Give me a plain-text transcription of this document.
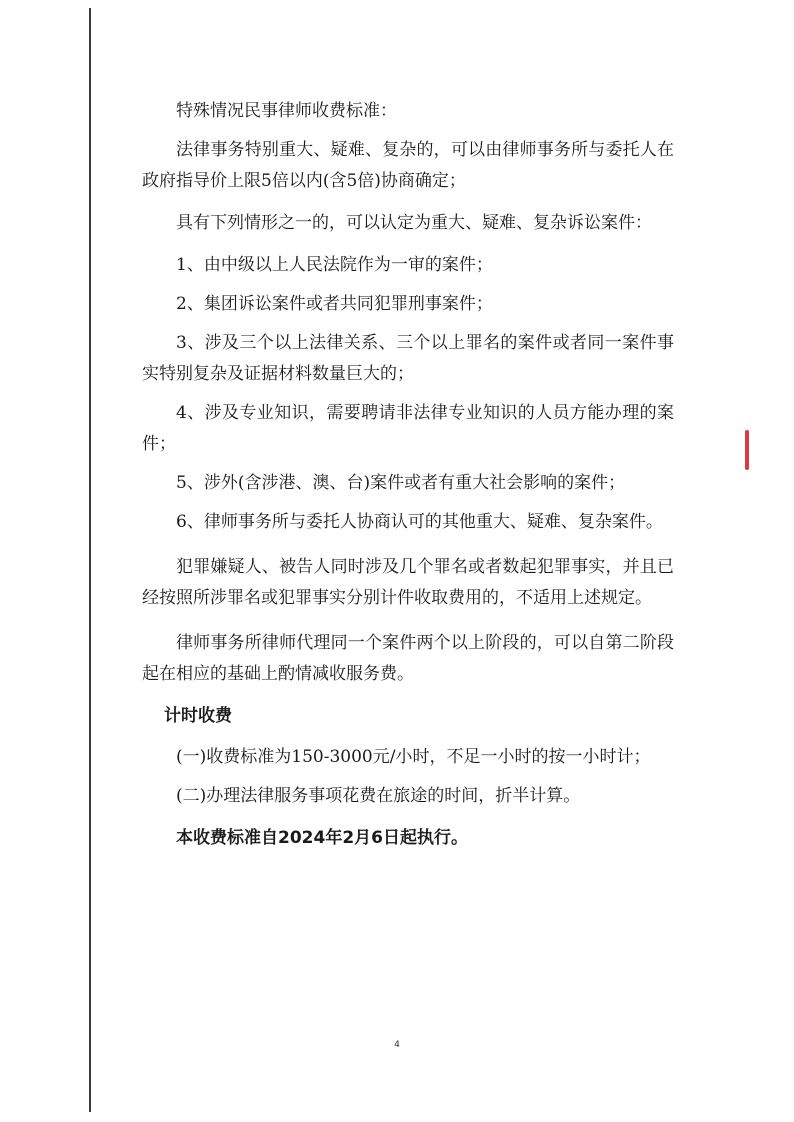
特殊情况民事律师收费标准：

法律事务特别重大、疑难、复杂的，可以由律师事务所与委托人在政府指导价上限5倍以内(含5倍)协商确定；

具有下列情形之一的，可以认定为重大、疑难、复杂诉讼案件：

1、由中级以上人民法院作为一审的案件；

2、集团诉讼案件或者共同犯罪刑事案件；

3、涉及三个以上法律关系、三个以上罪名的案件或者同一案件事实特别复杂及证据材料数量巨大的；

4、涉及专业知识，需要聘请非法律专业知识的人员方能办理的案件；

5、涉外(含涉港、澳、台)案件或者有重大社会影响的案件；

6、律师事务所与委托人协商认可的其他重大、疑难、复杂案件。

犯罪嫌疑人、被告人同时涉及几个罪名或者数起犯罪事实，并且已经按照所涉罪名或犯罪事实分别计件收取费用的，不适用上述规定。

律师事务所律师代理同一个案件两个以上阶段的，可以自第二阶段起在相应的基础上酌情减收服务费。

计时收费

(一)收费标准为150-3000元/小时，不足一小时的按一小时计；

(二)办理法律服务事项花费在旅途的时间，折半计算。

本收费标准自2024年2月6日起执行。

4
